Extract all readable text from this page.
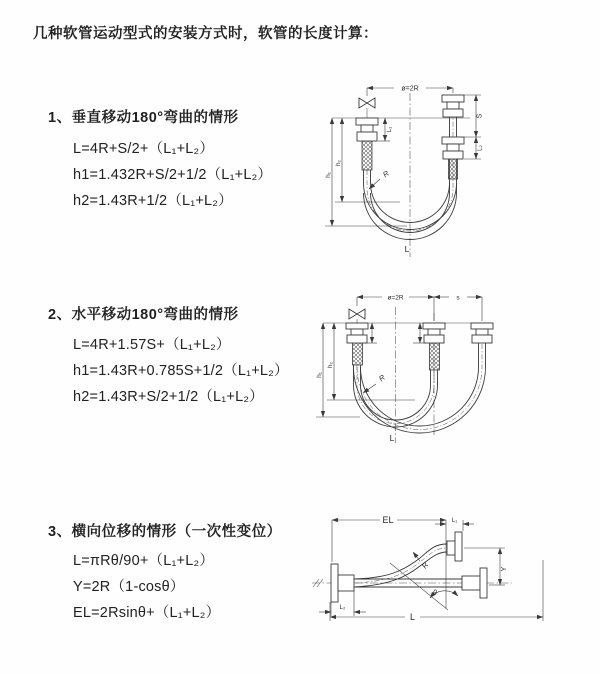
几种软管运动型式的安装方式时，软管的长度计算：
1、垂直移动180°弯曲的情形
L=4R+S/2+（L₁+L₂）
h1=1.432R+S/2+1/2（L₁+L₂）
h2=1.43R+1/2（L₁+L₂）
2、水平移动180°弯曲的情形
L=4R+1.57S+（L₁+L₂）
h1=1.43R+0.785S+1/2（L₁+L₂）
h2=1.43R+S/2+1/2（L₁+L₂）
3、横向位移的情形（一次性变位）
L=πRθ/90+（L₁+L₂）
Y=2R（1-cosθ）
EL=2Rsinθ+（L₁+L₂）
ø=2R
S
L₂
L₁
h₁
h₂
R
L
ø=2R	s
h₁
h₂
R
L
EL	L₁
Y
θ
R
L
L₂
